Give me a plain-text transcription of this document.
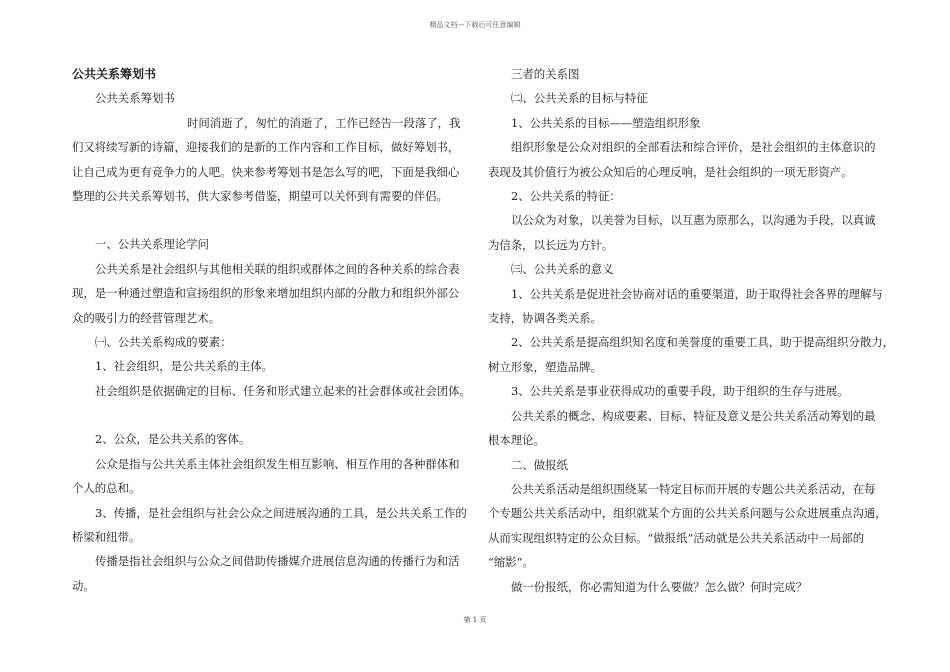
精品文档---下载后可任意编辑
公共关系筹划书
公共关系筹划书
时间消逝了，匆忙的消逝了，工作已经告一段落了，我
们又将续写新的诗篇，迎接我们的是新的工作内容和工作目标，做好筹划书，
让自己成为更有竞争力的人吧。快来参考筹划书是怎么写的吧，下面是我细心
整理的公共关系筹划书，供大家参考借鉴，期望可以关怀到有需要的伴侣。
一、公共关系理论学问
公共关系是社会组织与其他相关联的组织或群体之间的各种关系的综合表
现，是一种通过塑造和宣扬组织的形象来增加组织内部的分散力和组织外部公
众的吸引力的经营管理艺术。
㈠、公共关系构成的要素：
1、社会组织，是公共关系的主体。
社会组织是依据确定的目标、任务和形式建立起来的社会群体或社会团体。
2、公众，是公共关系的客体。
公众是指与公共关系主体社会组织发生相互影响、相互作用的各种群体和
个人的总和。
3、传播，是社会组织与社会公众之间进展沟通的工具，是公共关系工作的
桥梁和纽带。
传播是指社会组织与公众之间借助传播媒介进展信息沟通的传播行为和活
动。
三者的关系图
㈡、公共关系的目标与特征
1、公共关系的目标——塑造组织形象
组织形象是公众对组织的全部看法和综合评价，是社会组织的主体意识的
表现及其价值行为被公众知后的心理反响，是社会组织的一项无形资产。
2、公共关系的特征：
以公众为对象，以美誉为目标，以互惠为原那么，以沟通为手段，以真诚
为信条，以长远为方针。
㈢、公共关系的意义
1、公共关系是促进社会协商对话的重要渠道，助于取得社会各界的理解与
支持，协调各类关系。
2、公共关系是提高组织知名度和美誉度的重要工具，助于提高组织分散力，
树立形象，塑造品牌。
3、公共关系是事业获得成功的重要手段，助于组织的生存与进展。
公共关系的概念、构成要素、目标、特征及意义是公共关系活动筹划的最
根本理论。
二、做报纸
公共关系活动是组织围绕某一特定目标而开展的专题公共关系活动，在每
个专题公共关系活动中，组织就某个方面的公共关系问题与公众进展重点沟通，
从而实现组织特定的公众目标。“做报纸”活动就是公共关系活动中一局部的
“缩影”。
做一份报纸，你必需知道为什么要做？怎么做？何时完成？
第 1 页
